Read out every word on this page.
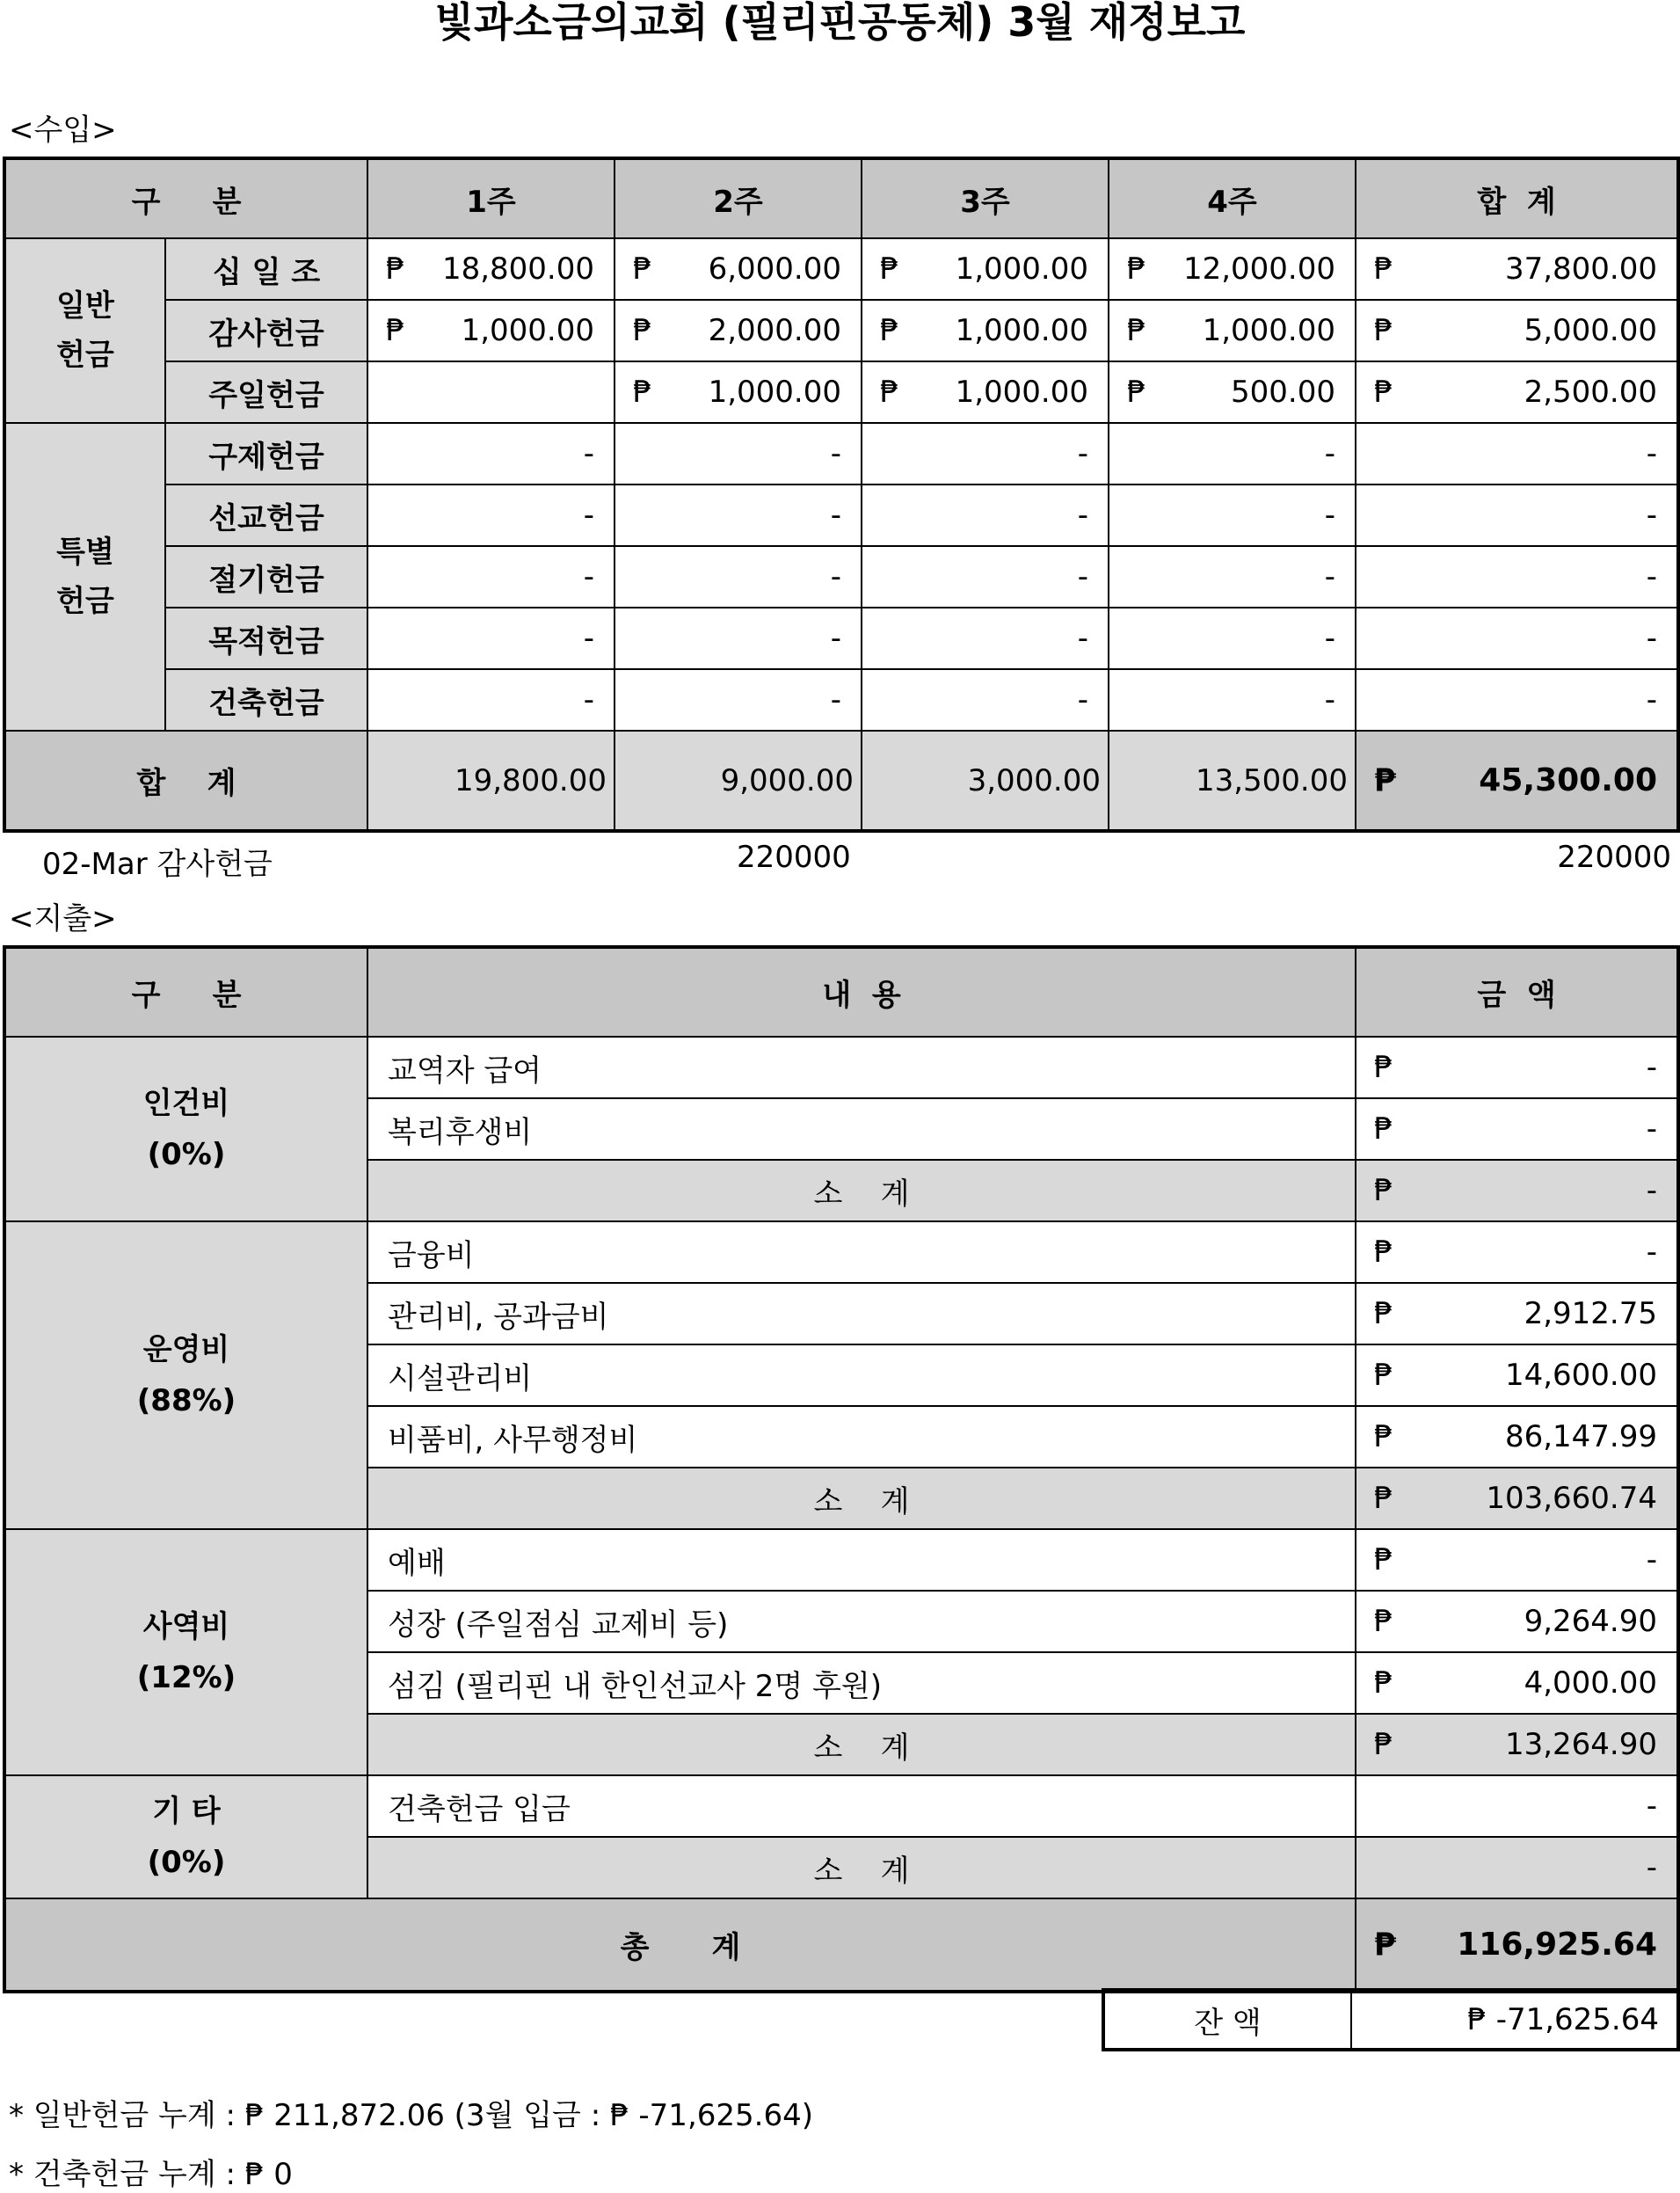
빛과소금의교회 (필리핀공동체) 3월 재정보고
<수입>
구     분		1주	2주	3주	4주	합  계
일반
헌금	십 일 조	₱ 18,800.00	₱ 6,000.00	₱ 1,000.00	₱ 12,000.00	₱ 37,800.00
	감사헌금	₱ 1,000.00	₱ 2,000.00	₱ 1,000.00	₱ 1,000.00	₱ 5,000.00
	주일헌금		₱ 1,000.00	₱ 1,000.00	₱ 500.00	₱ 2,500.00
특별
헌금	구제헌금	-	-	-	-	-
	선교헌금	-	-	-	-	-
	절기헌금	-	-	-	-	-
	목적헌금	-	-	-	-	-
	건축헌금	-	-	-	-	-
합    계		19,800.00	9,000.00	3,000.00	13,500.00	₱ 45,300.00
02-Mar 감사헌금	220000	220000
<지출>
구     분	내  용	금  액
인건비
(0%)	교역자 급여	₱ -
	복리후생비	₱ -
	소    계	₱ -
운영비
(88%)	금융비	₱ -
	관리비, 공과금비	₱ 2,912.75
	시설관리비	₱ 14,600.00
	비품비, 사무행정비	₱ 86,147.99
	소    계	₱ 103,660.74
사역비
(12%)	예배	₱ -
	성장 (주일점심 교제비 등)	₱ 9,264.90
	섬김 (필리핀 내 한인선교사 2명 후원)	₱ 4,000.00
	소    계	₱ 13,264.90
기 타
(0%)	건축헌금 입금	-
	소    계	-
총      계		₱ 116,925.64
잔 액	₱ -71,625.64
* 일반헌금 누계 : ₱ 211,872.06 (3월 입금 : ₱ -71,625.64)
* 건축헌금 누계 : ₱ 0
